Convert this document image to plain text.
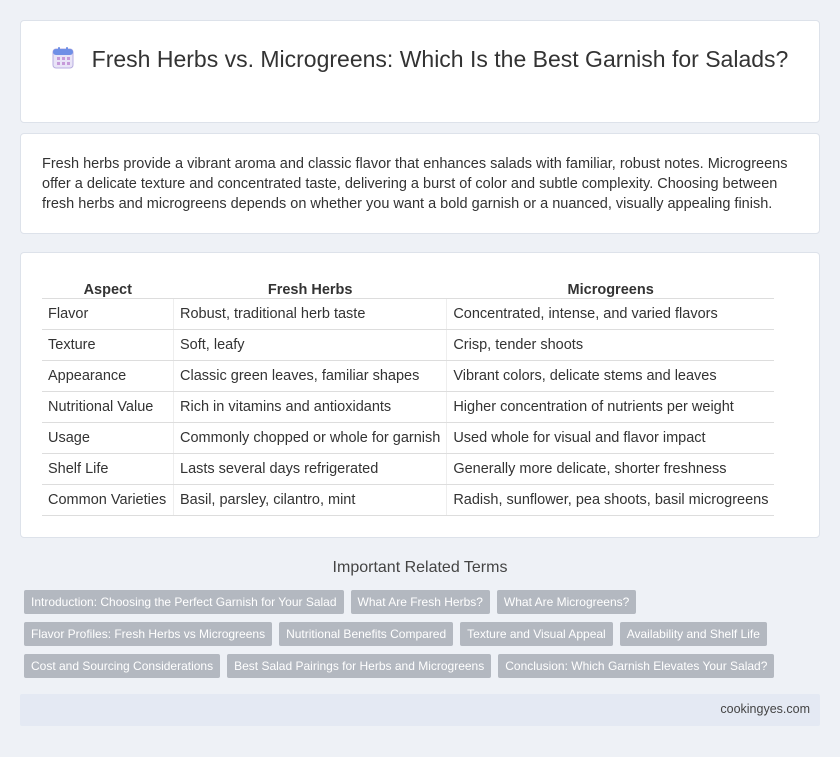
Fresh Herbs vs. Microgreens: Which Is the Best Garnish for Salads?

Fresh herbs provide a vibrant aroma and classic flavor that enhances salads with familiar, robust notes. Microgreens offer a delicate texture and concentrated taste, delivering a burst of color and subtle complexity. Choosing between fresh herbs and microgreens depends on whether you want a bold garnish or a nuanced, visually appealing finish.

Aspect	Fresh Herbs	Microgreens
Flavor	Robust, traditional herb taste	Concentrated, intense, and varied flavors
Texture	Soft, leafy	Crisp, tender shoots
Appearance	Classic green leaves, familiar shapes	Vibrant colors, delicate stems and leaves
Nutritional Value	Rich in vitamins and antioxidants	Higher concentration of nutrients per weight
Usage	Commonly chopped or whole for garnish	Used whole for visual and flavor impact
Shelf Life	Lasts several days refrigerated	Generally more delicate, shorter freshness
Common Varieties	Basil, parsley, cilantro, mint	Radish, sunflower, pea shoots, basil microgreens
Important Related Terms
Introduction: Choosing the Perfect Garnish for Your Salad	What Are Fresh Herbs?	What Are Microgreens?
Flavor Profiles: Fresh Herbs vs Microgreens	Nutritional Benefits Compared	Texture and Visual Appeal	Availability and Shelf Life
Cost and Sourcing Considerations	Best Salad Pairings for Herbs and Microgreens	Conclusion: Which Garnish Elevates Your Salad?
cookingyes.com
